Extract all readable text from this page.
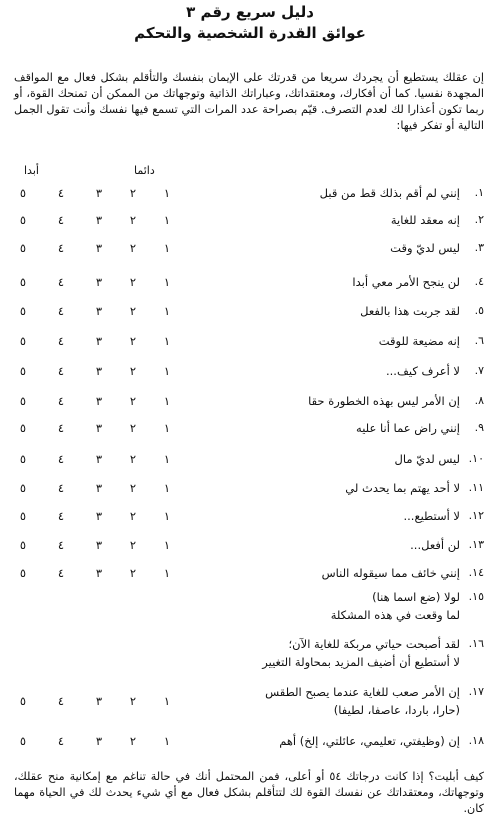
دليل سريع رقم ٣
عوائق القدرة الشخصية والتحكم
إن عقلك يستطيع أن يجردك سريعا من قدرتك على الإيمان بنفسك والتأقلم بشكل فعال مع المواقف المجهدة نفسيا. كما أن أفكارك، ومعتقداتك، وعباراتك الذاتية وتوجهاتك من الممكن أن تمنحك القوة، أو ربما تكون أعذارا لك لعدم التصرف. قيّم بصراحة عدد المرات التي تسمع فيها نفسك وأنت تقول الجمل التالية أو تفكر فيها:
دائما
أبدا
١.
إنني لم أقم بذلك قط من قبل
١
٢
٣
٤
٥
٢.
إنه معقد للغاية
١
٢
٣
٤
٥
٣.
ليس لديّ وقت
١
٢
٣
٤
٥
٤.
لن ينجح الأمر معي أبدا
١
٢
٣
٤
٥
٥.
لقد جربت هذا بالفعل
١
٢
٣
٤
٥
٦.
إنه مضيعة للوقت
١
٢
٣
٤
٥
٧.
لا أعرف كيف...
١
٢
٣
٤
٥
٨.
إن الأمر ليس بهذه الخطورة حقا
١
٢
٣
٤
٥
٩.
إنني راض عما أنا عليه
١
٢
٣
٤
٥
١٠.
ليس لديّ مال
١
٢
٣
٤
٥
١١.
لا أحد يهتم بما يحدث لي
١
٢
٣
٤
٥
١٢.
لا أستطيع...
١
٢
٣
٤
٥
١٣.
لن أفعل...
١
٢
٣
٤
٥
١٤.
إنني خائف مما سيقوله الناس
١
٢
٣
٤
٥
١٥.
لولا (ضع اسما هنا)
لما وقعت في هذه المشكلة
١٦.
لقد أصبحت حياتي مربكة للغاية الآن؛
لا أستطيع أن أضيف المزيد بمحاولة التغيير
١٧.
إن الأمر صعب للغاية عندما يصبح الطقس
(حارا، باردا، عاصفا، لطيفا)
١
٢
٣
٤
٥
١٨.
إن (وظيفتي، تعليمي، عائلتي، إلخ) أهم
١
٢
٣
٤
٥
كيف أبليت؟ إذا كانت درجاتك ٥٤ أو أعلى، فمن المحتمل أنك في حالة تناغم مع إمكانية منح عقلك، وتوجهاتك، ومعتقداتك عن نفسك القوة لك لتتأقلم بشكل فعال مع أي شيء يحدث لك في الحياة مهما كان.
